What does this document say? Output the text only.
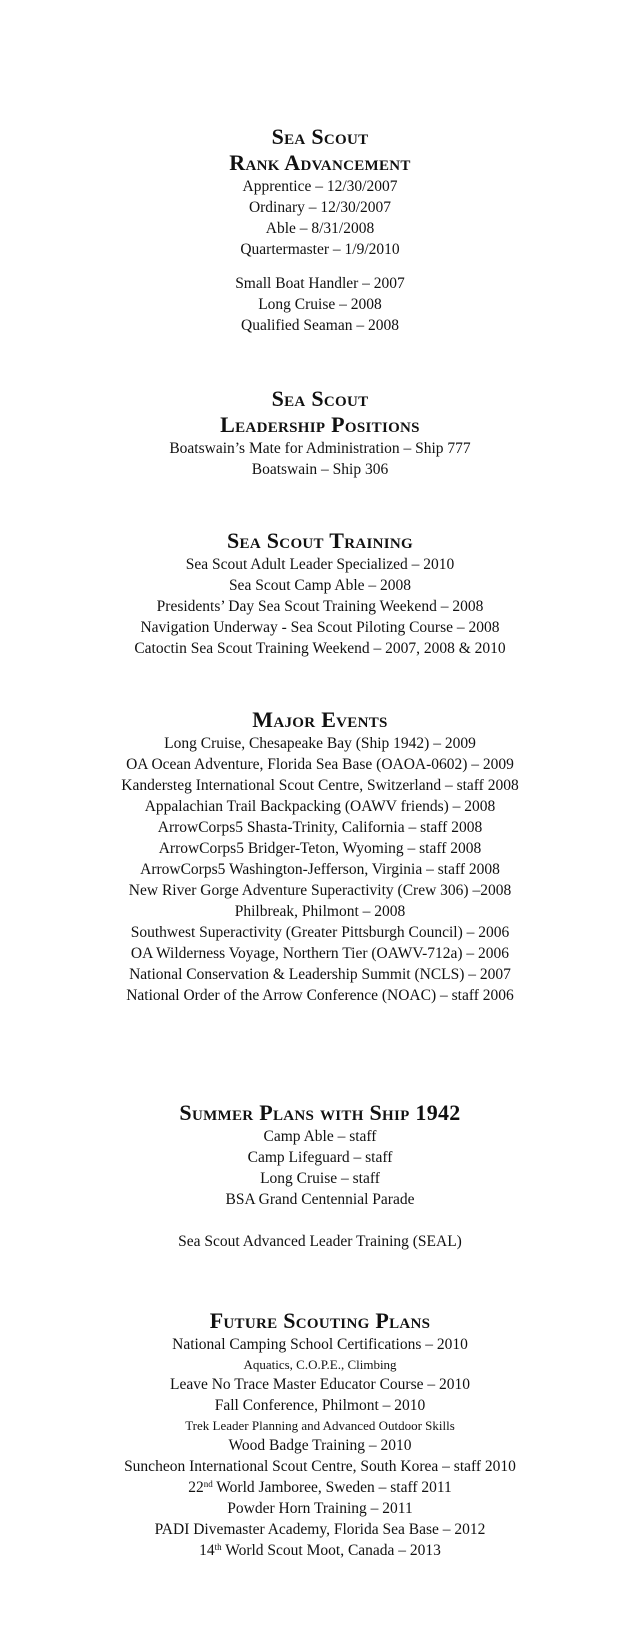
Sea Scout
Rank Advancement
Apprentice – 12/30/2007
Ordinary – 12/30/2007
Able – 8/31/2008
Quartermaster – 1/9/2010
Small Boat Handler – 2007
Long Cruise – 2008
Qualified Seaman – 2008
Sea Scout
Leadership Positions
Boatswain’s Mate for Administration – Ship 777
Boatswain – Ship 306
Sea Scout Training
Sea Scout Adult Leader Specialized – 2010
Sea Scout Camp Able – 2008
Presidents’ Day Sea Scout Training Weekend – 2008
Navigation Underway - Sea Scout Piloting Course – 2008
Catoctin Sea Scout Training Weekend – 2007, 2008 & 2010
Major Events
Long Cruise, Chesapeake Bay (Ship 1942) – 2009
OA Ocean Adventure, Florida Sea Base (OAOA-0602) – 2009
Kandersteg International Scout Centre, Switzerland – staff 2008
Appalachian Trail Backpacking (OAWV friends) – 2008
ArrowCorps5 Shasta-Trinity, California – staff 2008
ArrowCorps5 Bridger-Teton, Wyoming – staff 2008
ArrowCorps5 Washington-Jefferson, Virginia – staff 2008
New River Gorge Adventure Superactivity (Crew 306) –2008
Philbreak, Philmont – 2008
Southwest Superactivity (Greater Pittsburgh Council) – 2006
OA Wilderness Voyage, Northern Tier (OAWV-712a) – 2006
National Conservation & Leadership Summit (NCLS) – 2007
National Order of the Arrow Conference (NOAC) – staff 2006
Summer Plans with Ship 1942
Camp Able – staff
Camp Lifeguard – staff
Long Cruise – staff
BSA Grand Centennial Parade
Sea Scout Advanced Leader Training (SEAL)
Future Scouting Plans
National Camping School Certifications – 2010
Aquatics, C.O.P.E., Climbing
Leave No Trace Master Educator Course – 2010
Fall Conference, Philmont – 2010
Trek Leader Planning and Advanced Outdoor Skills
Wood Badge Training – 2010
Suncheon International Scout Centre, South Korea – staff 2010
22nd World Jamboree, Sweden – staff 2011
Powder Horn Training – 2011
PADI Divemaster Academy, Florida Sea Base – 2012
14th World Scout Moot, Canada – 2013
